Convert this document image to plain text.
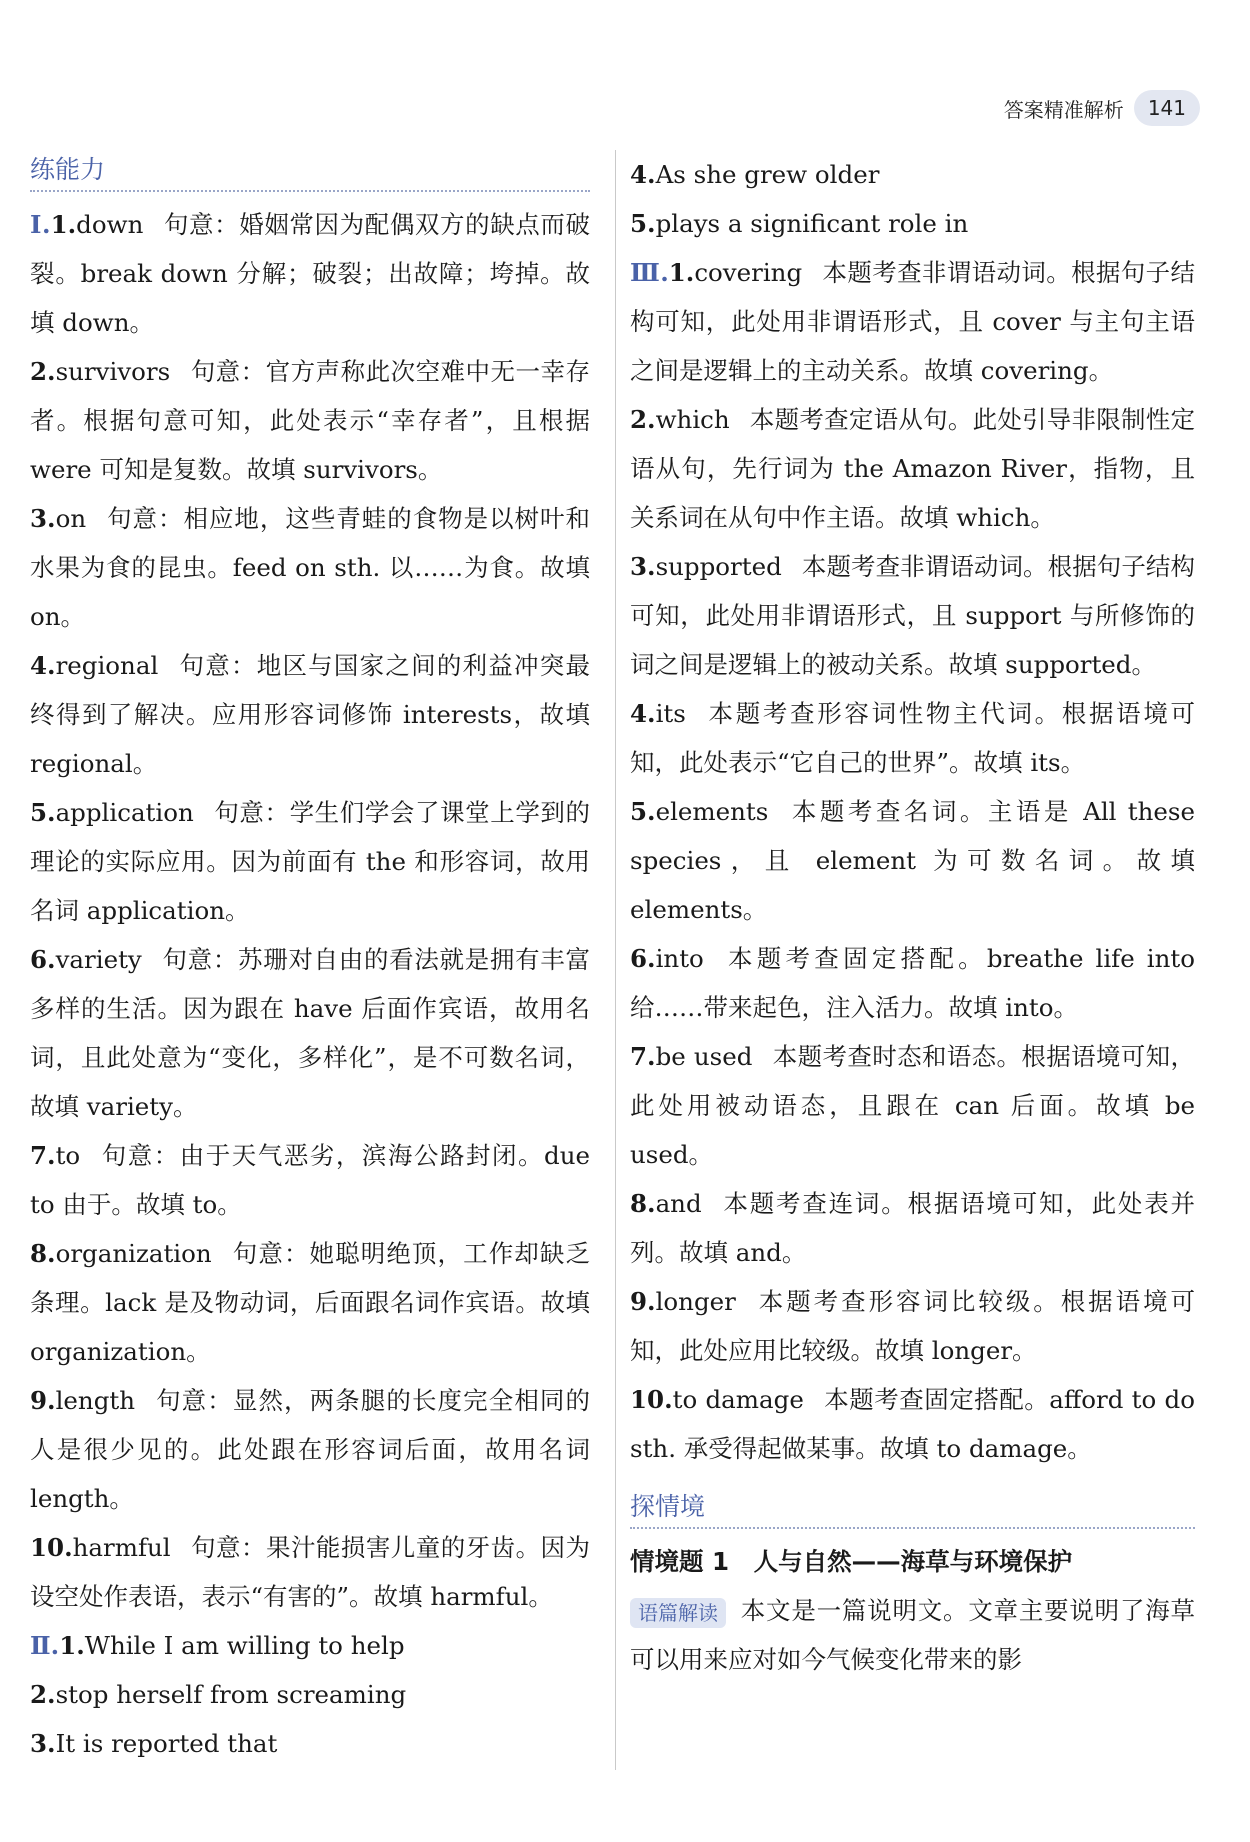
答案精准解析	141
练能力
Ⅰ.1.down 句意：婚姻常因为配偶双方的缺点而破裂。break down 分解；破裂；出故障；垮掉。故填 down。
2.survivors 句意：官方声称此次空难中无一幸存者。根据句意可知，此处表示“幸存者”，且根据 were 可知是复数。故填 survivors。
3.on 句意：相应地，这些青蛙的食物是以树叶和水果为食的昆虫。feed on sth. 以……为食。故填 on。
4.regional 句意：地区与国家之间的利益冲突最终得到了解决。应用形容词修饰 interests，故填 regional。
5.application 句意：学生们学会了课堂上学到的理论的实际应用。因为前面有 the 和形容词，故用名词 application。
6.variety 句意：苏珊对自由的看法就是拥有丰富多样的生活。因为跟在 have 后面作宾语，故用名词，且此处意为“变化，多样化”，是不可数名词，故填 variety。
7.to 句意：由于天气恶劣，滨海公路封闭。due to 由于。故填 to。
8.organization 句意：她聪明绝顶，工作却缺乏条理。lack 是及物动词，后面跟名词作宾语。故填 organization。
9.length 句意：显然，两条腿的长度完全相同的人是很少见的。此处跟在形容词后面，故用名词 length。
10.harmful 句意：果汁能损害儿童的牙齿。因为设空处作表语，表示“有害的”。故填 harmful。
Ⅱ.1.While I am willing to help
2.stop herself from screaming
3.It is reported that
4.As she grew older
5.plays a significant role in
Ⅲ.1.covering 本题考查非谓语动词。根据句子结构可知，此处用非谓语形式，且 cover 与主句主语之间是逻辑上的主动关系。故填 covering。
2.which 本题考查定语从句。此处引导非限制性定语从句，先行词为 the Amazon River，指物，且关系词在从句中作主语。故填 which。
3.supported 本题考查非谓语动词。根据句子结构可知，此处用非谓语形式，且 support 与所修饰的词之间是逻辑上的被动关系。故填 supported。
4.its 本题考查形容词性物主代词。根据语境可知，此处表示“它自己的世界”。故填 its。
5.elements 本题考查名词。主语是 All these species，且 element 为可数名词。故填 elements。
6.into 本题考查固定搭配。breathe life into 给……带来起色，注入活力。故填 into。
7.be used 本题考查时态和语态。根据语境可知，此处用被动语态，且跟在 can 后面。故填 be used。
8.and 本题考查连词。根据语境可知，此处表并列。故填 and。
9.longer 本题考查形容词比较级。根据语境可知，此处应用比较级。故填 longer。
10.to damage 本题考查固定搭配。afford to do sth. 承受得起做某事。故填 to damage。
探情境
情境题 1　人与自然——海草与环境保护
语篇解读 本文是一篇说明文。文章主要说明了海草可以用来应对如今气候变化带来的影
